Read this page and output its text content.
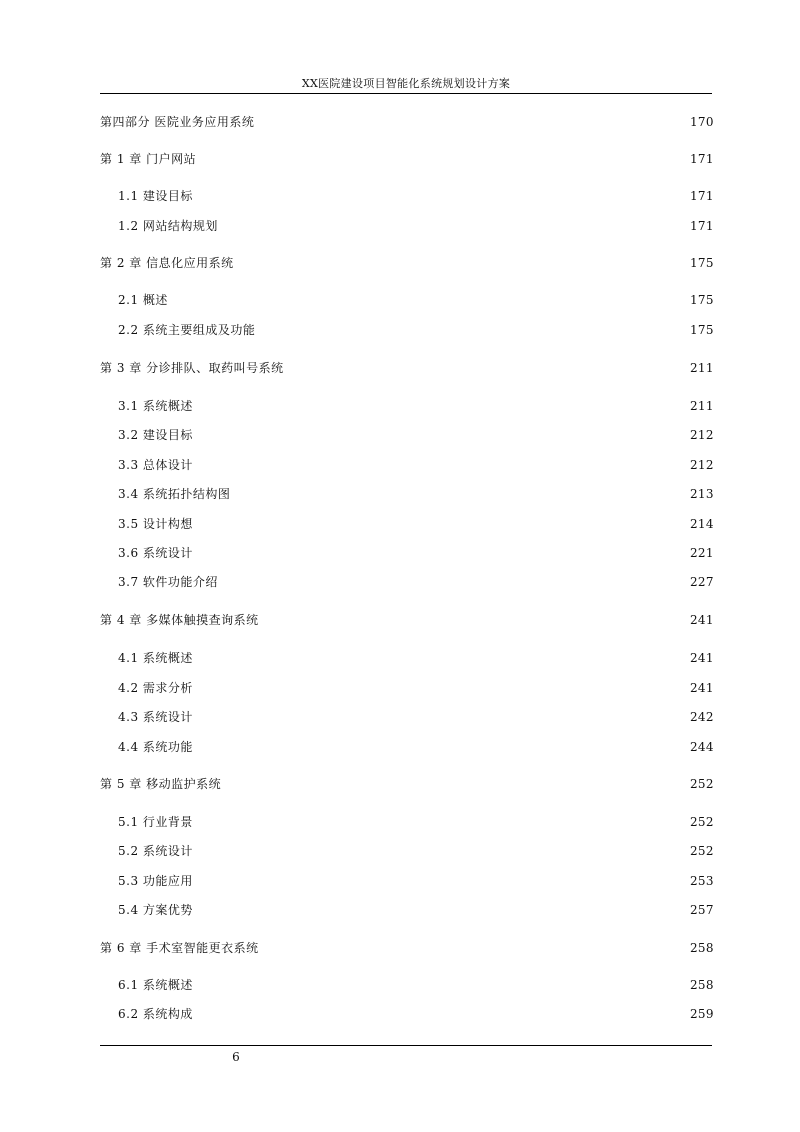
XX医院建设项目智能化系统规划设计方案
第四部分 医院业务应用系统	170
第 1 章 门户网站	171
1.1 建设目标	171
1.2 网站结构规划	171
第 2 章 信息化应用系统	175
2.1 概述	175
2.2 系统主要组成及功能	175
第 3 章 分诊排队、取药叫号系统	211
3.1 系统概述	211
3.2 建设目标	212
3.3 总体设计	212
3.4 系统拓扑结构图	213
3.5 设计构想	214
3.6 系统设计	221
3.7 软件功能介绍	227
第 4 章 多媒体触摸查询系统	241
4.1 系统概述	241
4.2 需求分析	241
4.3 系统设计	242
4.4 系统功能	244
第 5 章 移动监护系统	252
5.1 行业背景	252
5.2 系统设计	252
5.3 功能应用	253
5.4 方案优势	257
第 6 章 手术室智能更衣系统	258
6.1 系统概述	258
6.2 系统构成	259
6
